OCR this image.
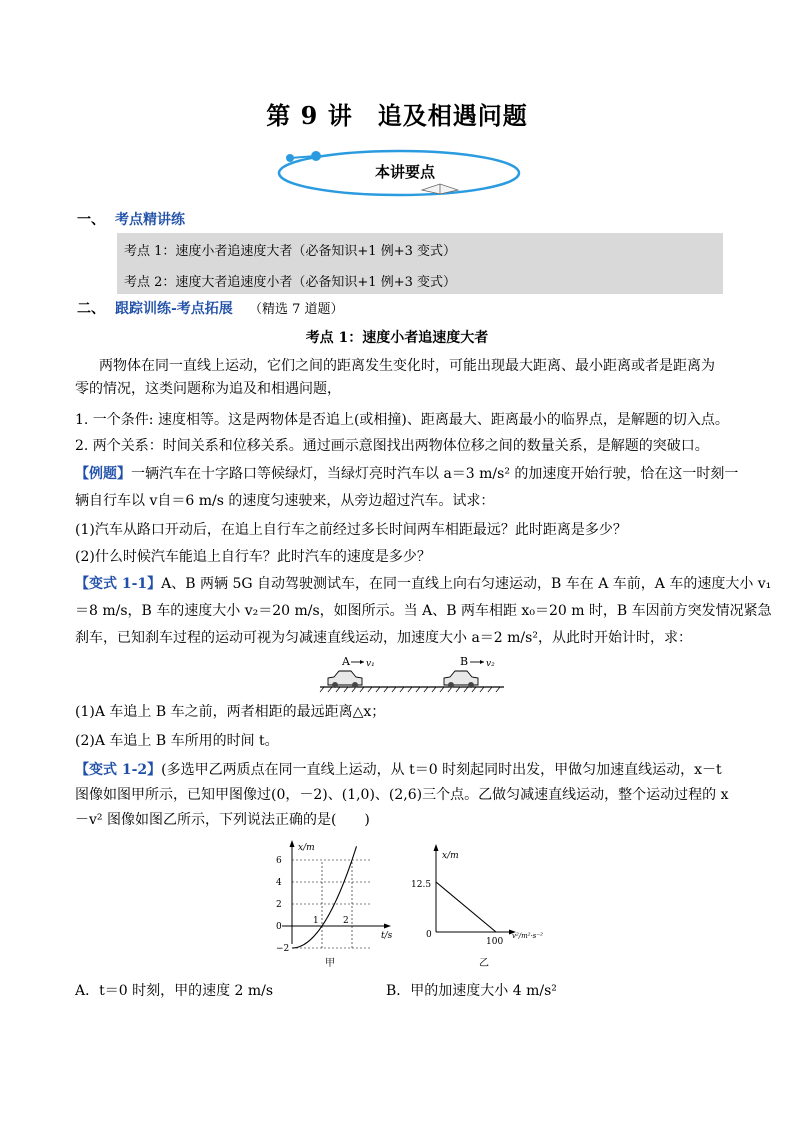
第 9 讲　追及相遇问题
本讲要点
一、 考点精讲练
考点 1：速度小者追速度大者（必备知识+1 例+3 变式）
考点 2：速度大者追速度小者（必备知识+1 例+3 变式）
二、 跟踪训练-考点拓展 （精选 7 道题）
考点 1：速度小者追速度大者
两物体在同一直线上运动，它们之间的距离发生变化时，可能出现最大距离、最小距离或者是距离为
零的情况，这类问题称为追及和相遇问题，
1. 一个条件: 速度相等。这是两物体是否追上(或相撞)、距离最大、距离最小的临界点，是解题的切入点。
2. 两个关系：时间关系和位移关系。通过画示意图找出两物体位移之间的数量关系，是解题的突破口。
【例题】一辆汽车在十字路口等候绿灯，当绿灯亮时汽车以 a＝3 m/s² 的加速度开始行驶，恰在这一时刻一
辆自行车以 v自＝6 m/s 的速度匀速驶来，从旁边超过汽车。试求：
(1)汽车从路口开动后，在追上自行车之前经过多长时间两车相距最远？此时距离是多少？
(2)什么时候汽车能追上自行车？此时汽车的速度是多少？
【变式 1-1】A、B 两辆 5G 自动驾驶测试车，在同一直线上向右匀速运动，B 车在 A 车前，A 车的速度大小 v₁
＝8 m/s，B 车的速度大小 v₂＝20 m/s，如图所示。当 A、B 两车相距 x₀＝20 m 时，B 车因前方突发情况紧急
刹车，已知刹车过程的运动可视为匀减速直线运动，加速度大小 a＝2 m/s²，从此时开始计时，求：
A v₁	B v₂
(1)A 车追上 B 车之前，两者相距的最远距离△x；
(2)A 车追上 B 车所用的时间 t。
【变式 1-2】(多选甲乙两质点在同一直线上运动，从 t＝0 时刻起同时出发，甲做匀加速直线运动，x－t
图像如图甲所示，已知甲图像过(0，－2)、(1,0)、(2,6)三个点。乙做匀减速直线运动，整个运动过程的 x
－v² 图像如图乙所示，下列说法正确的是(　　)
x/m
t/s
6
4
2
0
−2
1	2
甲
x/m
v²/m²·s⁻²
12.5
0
100
乙
A．t＝0 时刻，甲的速度 2 m/s	B．甲的加速度大小 4 m/s²
